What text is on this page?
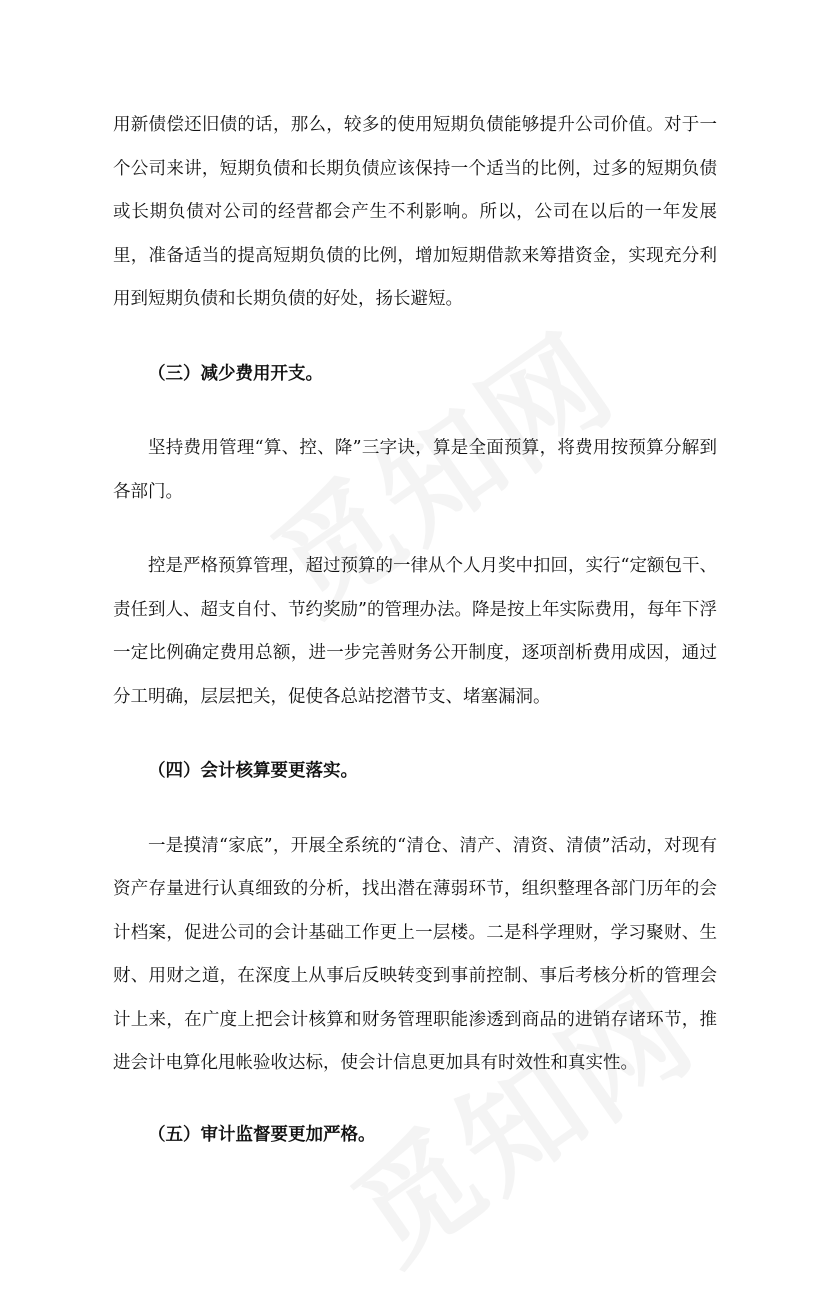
用新债偿还旧债的话，那么，较多的使用短期负债能够提升公司价值。对于一个公司来讲，短期负债和长期负债应该保持一个适当的比例，过多的短期负债或长期负债对公司的经营都会产生不利影响。所以，公司在以后的一年发展里，准备适当的提高短期负债的比例，增加短期借款来筹措资金，实现充分利用到短期负债和长期负债的好处，扬长避短。

（三）减少费用开支。

坚持费用管理“算、控、降”三字诀，算是全面预算，将费用按预算分解到各部门。

控是严格预算管理，超过预算的一律从个人月奖中扣回，实行“定额包干、责任到人、超支自付、节约奖励”的管理办法。降是按上年实际费用，每年下浮一定比例确定费用总额，进一步完善财务公开制度，逐项剖析费用成因，通过分工明确，层层把关，促使各总站挖潜节支、堵塞漏洞。

（四）会计核算要更落实。

一是摸清“家底”，开展全系统的“清仓、清产、清资、清债”活动，对现有资产存量进行认真细致的分析，找出潜在薄弱环节，组织整理各部门历年的会计档案，促进公司的会计基础工作更上一层楼。二是科学理财，学习聚财、生财、用财之道，在深度上从事后反映转变到事前控制、事后考核分析的管理会计上来，在广度上把会计核算和财务管理职能渗透到商品的进销存诸环节，推进会计电算化甩帐验收达标，使会计信息更加具有时效性和真实性。

（五）审计监督要更加严格。
